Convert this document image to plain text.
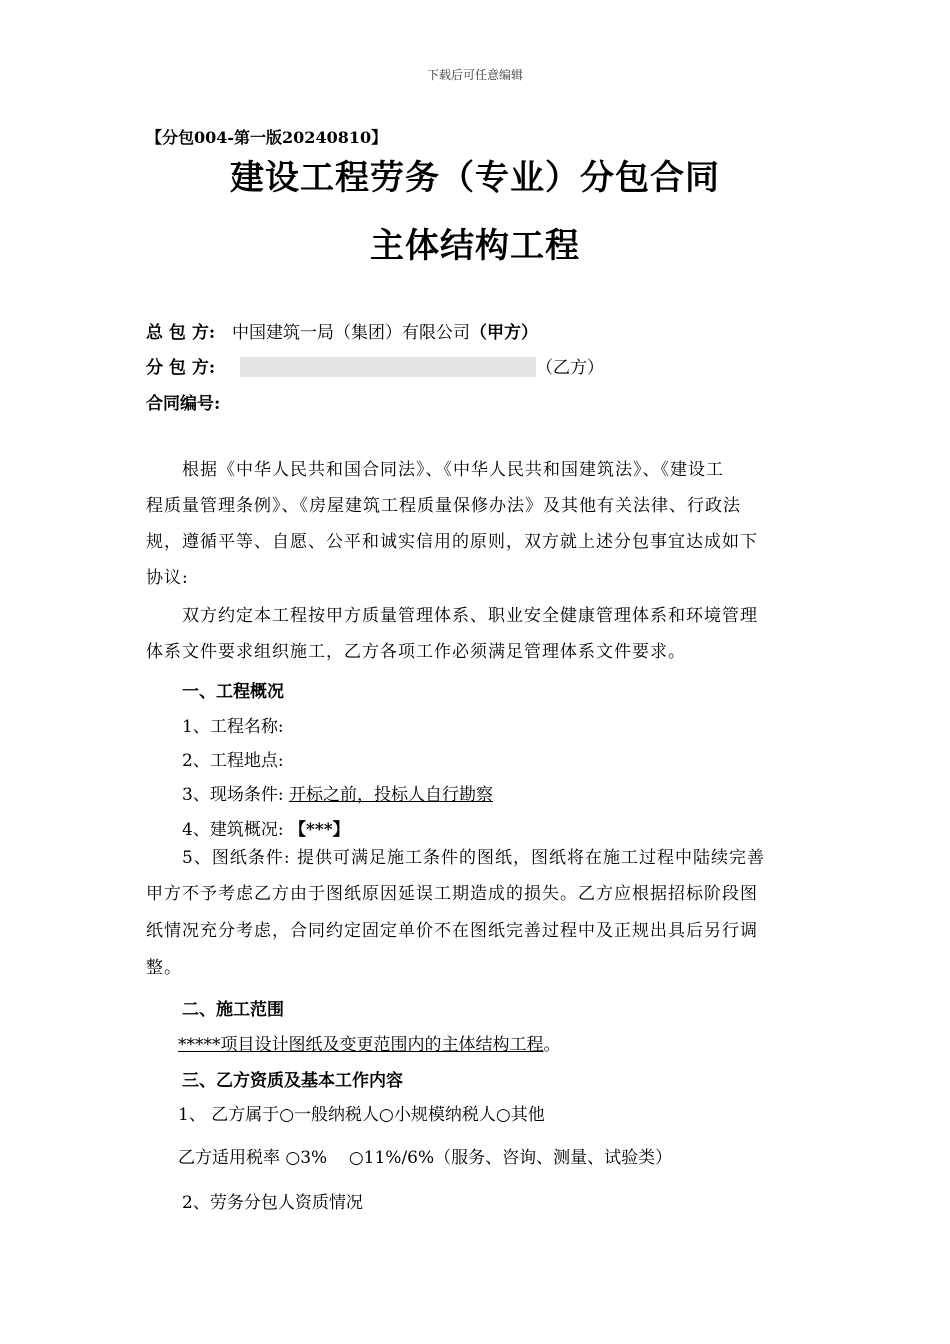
下载后可任意编辑
【分包004-第一版20240810】
建设工程劳务（专业）分包合同
主体结构工程
总 包 方: 中国建筑一局（集团）有限公司（甲方）
分 包 方:	（乙方）
合同编号:
根据《中华人民共和国合同法》、《中华人民共和国建筑法》、《建设工
程质量管理条例》、《房屋建筑工程质量保修办法》及其他有关法律、行政法
规，遵循平等、自愿、公平和诚实信用的原则，双方就上述分包事宜达成如下
协议:
双方约定本工程按甲方质量管理体系、职业安全健康管理体系和环境管理
体系文件要求组织施工，乙方各项工作必须满足管理体系文件要求。
一、工程概况
1、工程名称:
2、工程地点:
3、现场条件: 开标之前，投标人自行勘察
4、建筑概况: 【***】
5、图纸条件: 提供可满足施工条件的图纸，图纸将在施工过程中陆续完善
甲方不予考虑乙方由于图纸原因延误工期造成的损失。乙方应根据招标阶段图
纸情况充分考虑，合同约定固定单价不在图纸完善过程中及正规出具后另行调
整。
二、施工范围
*****项目设计图纸及变更范围内的主体结构工程。
三、乙方资质及基本工作内容
1、 乙方属于○一般纳税人○小规模纳税人○其他
乙方适用税率 ○3%    ○11%/6%（服务、咨询、测量、试验类）
2、劳务分包人资质情况
